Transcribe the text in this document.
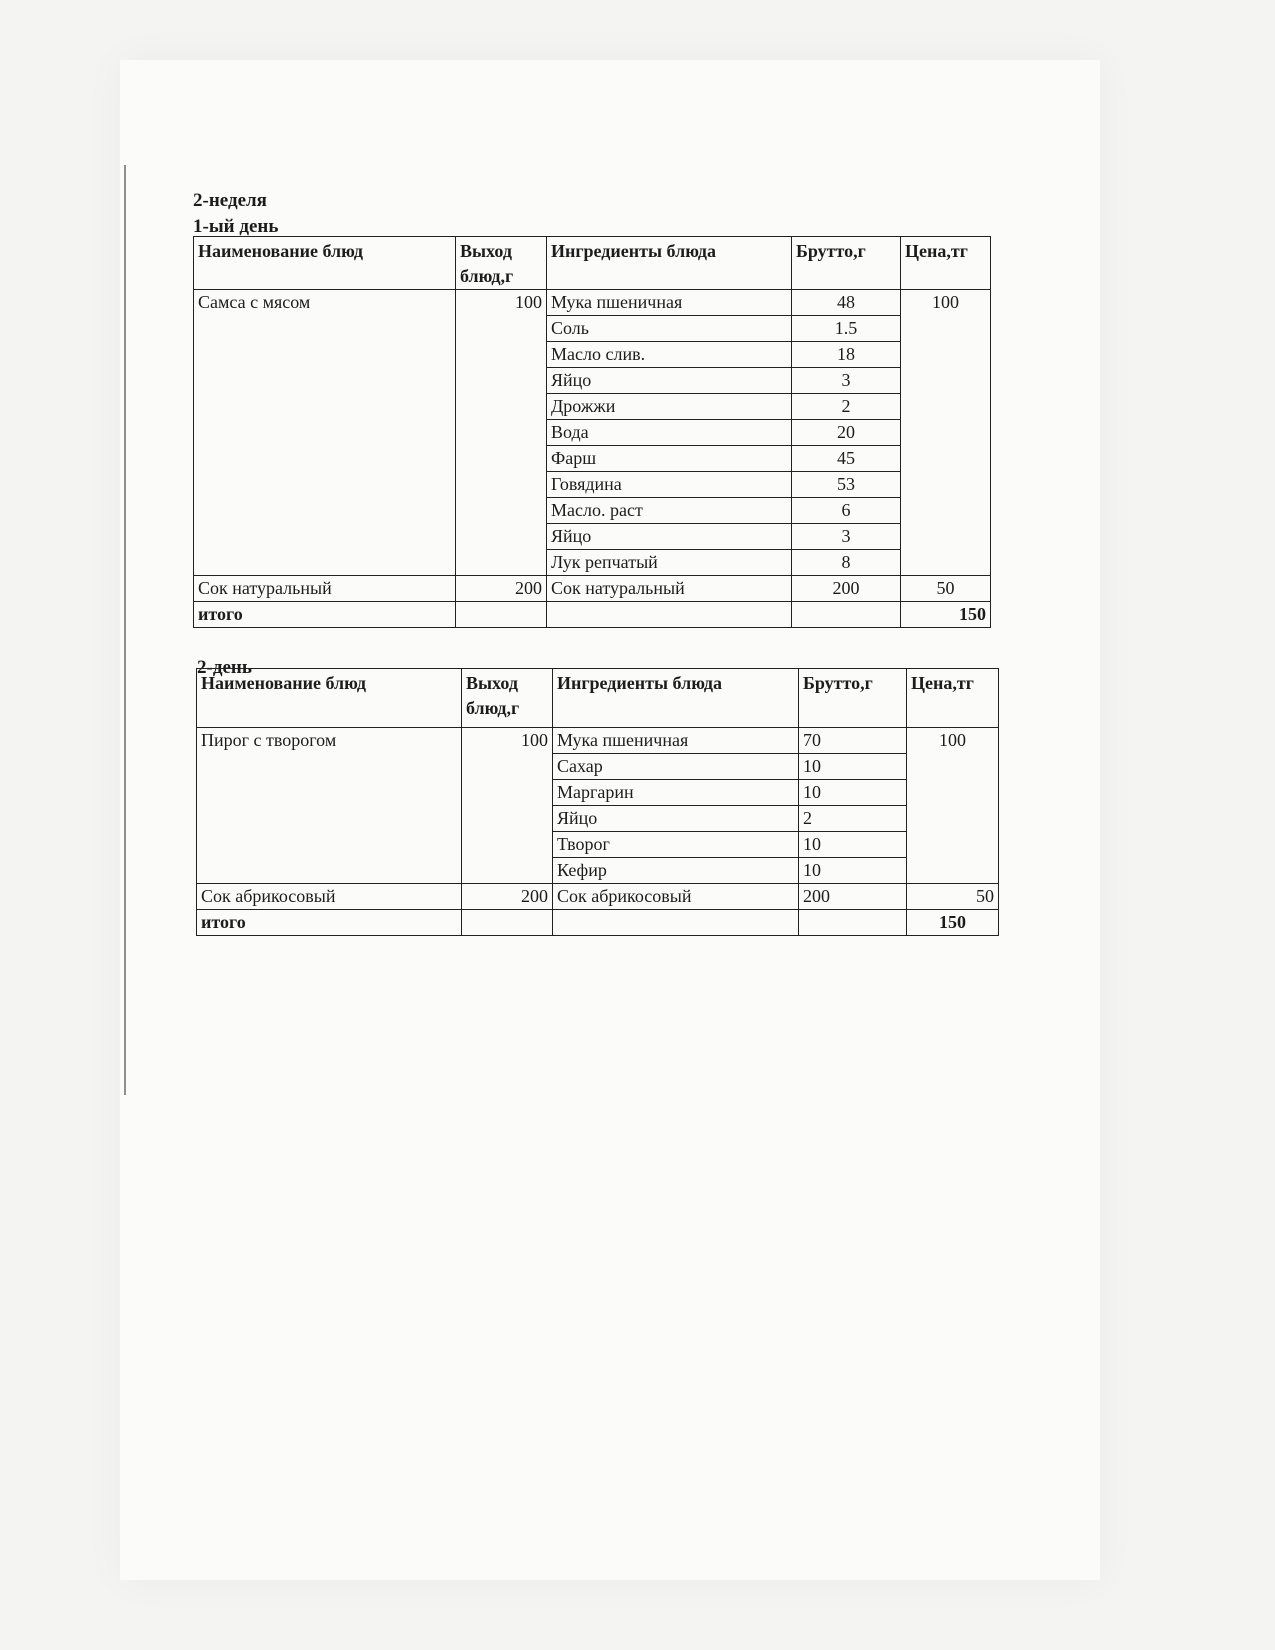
2-неделя
1-ый день
Наименование блюд	Выход блюд,г	Ингредиенты блюда	Брутто,г	Цена,тг
Самса с мясом	100	Мука пшеничная	48	100
		Соль	1.5	
		Масло слив.	18	
		Яйцо	3	
		Дрожжи	2	
		Вода	20	
		Фарш	45	
		Говядина	53	
		Масло. раст	6	
		Яйцо	3	
		Лук репчатый	8	
Сок натуральный	200	Сок натуральный	200	50
итого				150
2-день
Наименование блюд	Выход блюд,г	Ингредиенты блюда	Брутто,г	Цена,тг
Пирог с творогом	100	Мука пшеничная	70	100
		Сахар	10	
		Маргарин	10	
		Яйцо	2	
		Творог	10	
		Кефир	10	
Сок абрикосовый	200	Сок абрикосовый	200	50
итого				150
